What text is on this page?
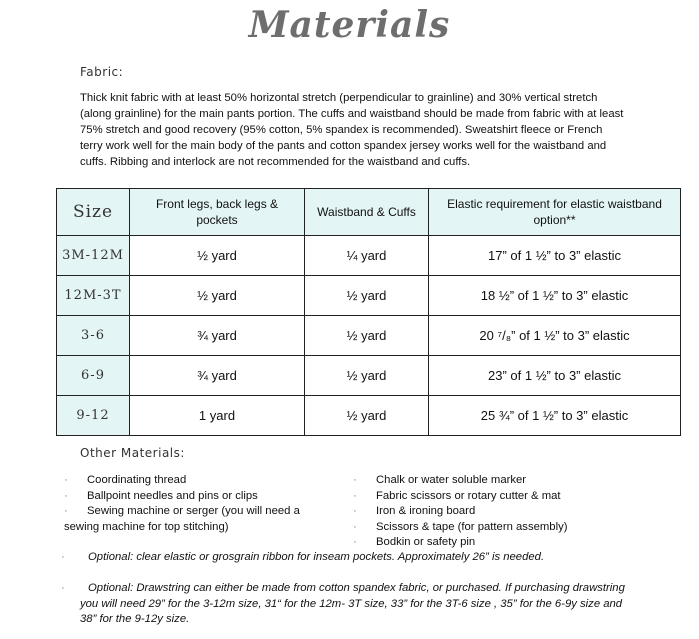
Materials
Fabric:
Thick knit fabric with at least 50% horizontal stretch (perpendicular to grainline) and 30% vertical stretch (along grainline) for the main pants portion. The cuffs and waistband should be made from fabric with at least 75% stretch and good recovery (95% cotton, 5% spandex is recommended). Sweatshirt fleece or French terry work well for the main body of the pants and cotton spandex jersey works well for the waistband and cuffs. Ribbing and interlock are not recommended for the waistband and cuffs.
Size	Front legs, back legs & pockets	Waistband & Cuffs	Elastic requirement for elastic waistband option**
3M-12M	½ yard	¼ yard	17” of 1 ½” to 3” elastic
12M-3T	½ yard	½ yard	18 ½” of 1 ½” to 3” elastic
3-6	¾ yard	½ yard	20 ⁷/₈” of 1 ½” to 3” elastic
6-9	¾ yard	½ yard	23” of 1 ½” to 3” elastic
9-12	1 yard	½ yard	25 ¾” of 1 ½” to 3” elastic
Other Materials:
· Coordinating thread
· Ballpoint needles and pins or clips
· Sewing machine or serger (you will need a sewing machine for top stitching)
· Chalk or water soluble marker
· Fabric scissors or rotary cutter & mat
· Iron & ironing board
· Scissors & tape (for pattern assembly)
· Bodkin or safety pin
· Optional: clear elastic or grosgrain ribbon for inseam pockets. Approximately 26” is needed.
· Optional: Drawstring can either be made from cotton spandex fabric, or purchased. If purchasing drawstring you will need 29” for the 3-12m size, 31“ for the 12m- 3T size, 33” for the 3T-6 size , 35” for the 6-9y size and 38” for the 9-12y size.
